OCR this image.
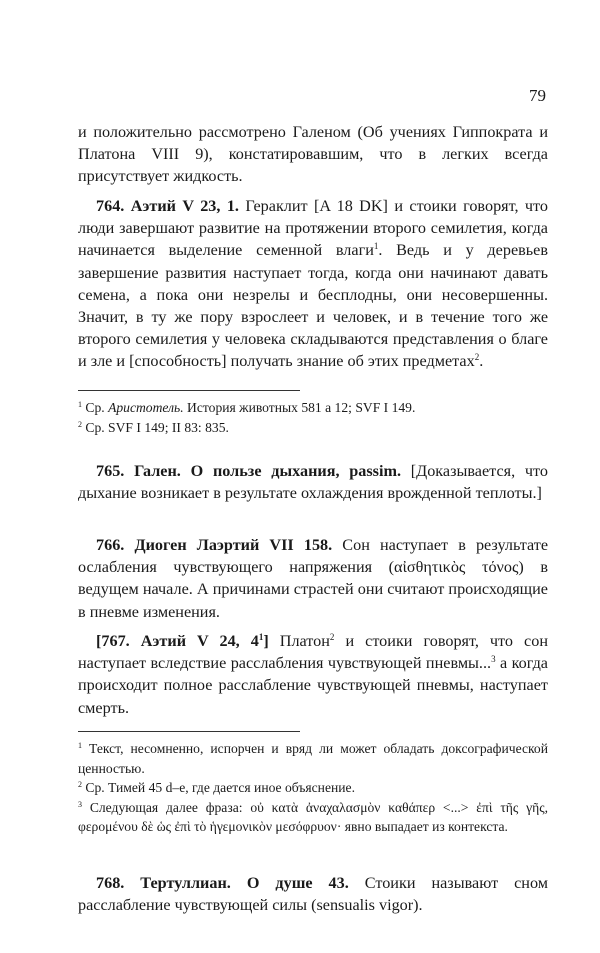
79

и положительно рассмотрено Галеном (Об учениях Гиппократа и Платона VIII 9), констатировавшим, что в легких всегда присутствует жидкость.

764. Аэтий V 23, 1. Гераклит [A 18 DK] и стоики говорят, что люди завершают развитие на протяжении второго семилетия, когда начинается выделение семенной влаги$^1$. Ведь и у деревьев завершение развития наступает тогда, когда они начинают давать семена, а пока они незрелы и бесплодны, они несовершенны. Значит, в ту же пору взрослеет и человек, и в течение того же второго семилетия у человека складываются представления о благе и зле и [способность] получать знание об этих предметах$^2$.

$^1$ Ср. Аристотель. История животных 581 a 12; SVF I 149.

$^2$ Ср. SVF I 149; II 83: 835.

765. Гален. О пользе дыхания, passim. [Доказывается, что дыхание возникает в результате охлаждения врожденной теплоты.]

766. Диоген Лаэртий VII 158. Сон наступает в результате ослабления чувствующего напряжения (αἰσθητικὸς τόνος) в ведущем начале. А причинами страстей они считают происходящие в пневме изменения.

[767. Аэтий V 24, $4^1$] Платон$^2$ и стоики говорят, что сон наступает вследствие расслабления чувствующей пневмы...$^3$ а когда происходит полное расслабление чувствующей пневмы, наступает смерть.

$^1$ Текст, несомненно, испорчен и вряд ли может обладать доксографической ценностью.

$^2$ Ср. Тимей 45 d–e, где дается иное объяснение.

$^3$ Следующая далее фраза: οὐ κατὰ ἀναχαλασμὸν καθάπερ <...> ἐπὶ τῆς γῆς, φερομένου δὲ ὡς ἐπὶ τὸ ἡγεμονικὸν μεσόφρυον· явно выпадает из контекста.

768. Тертуллиан. О душе 43. Стоики называют сном расслабление чувствующей силы (sensualis vigor).
